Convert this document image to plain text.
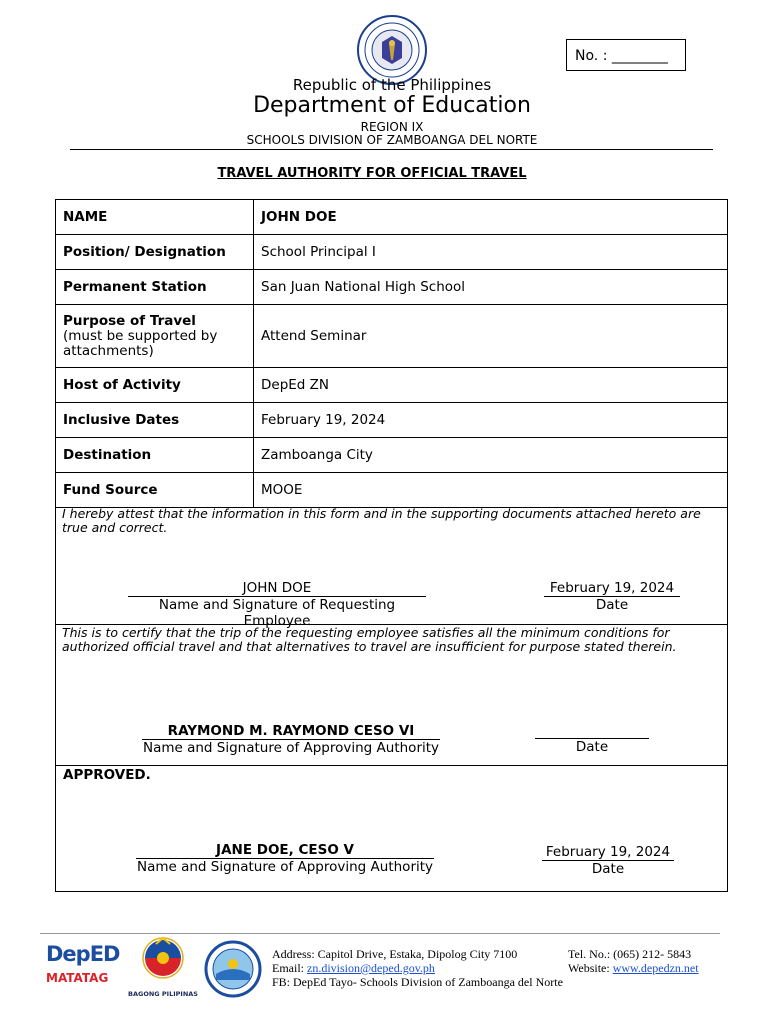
No. : ________
Republic of the Philippines
Department of Education
REGION IX
SCHOOLS DIVISION OF ZAMBOANGA DEL NORTE
TRAVEL AUTHORITY FOR OFFICIAL TRAVEL
NAME	JOHN DOE
Position/ Designation	School Principal I
Permanent Station	San Juan National High School

Purpose of Travel
(must be supported by attachments)	Attend Seminar
Host of Activity	DepEd ZN
Inclusive Dates	February 19, 2024
Destination	Zamboanga City
Fund Source	MOOE
I hereby attest that the information in this form and in the supporting documents attached hereto are true and correct.
JOHN DOE
Name and Signature of Requesting Employee
February 19, 2024
Date
This is to certify that the trip of the requesting employee satisfies all the minimum conditions for authorized official travel and that alternatives to travel are insufficient for purpose stated therein.
RAYMOND M. RAYMOND CESO VI
Name and Signature of Approving Authority	Date
APPROVED.
JANE DOE, CESO V
Name and Signature of Approving Authority
February 19, 2024
Date
DepED
MATATAG
BAGONG PILIPINAS
Address: Capitol Drive, Estaka, Dipolog City 7100	Tel. No.: (065) 212- 5843
Email: zn.division@deped.gov.ph	Website: www.depedzn.net
FB: DepEd Tayo- Schools Division of Zamboanga del Norte
